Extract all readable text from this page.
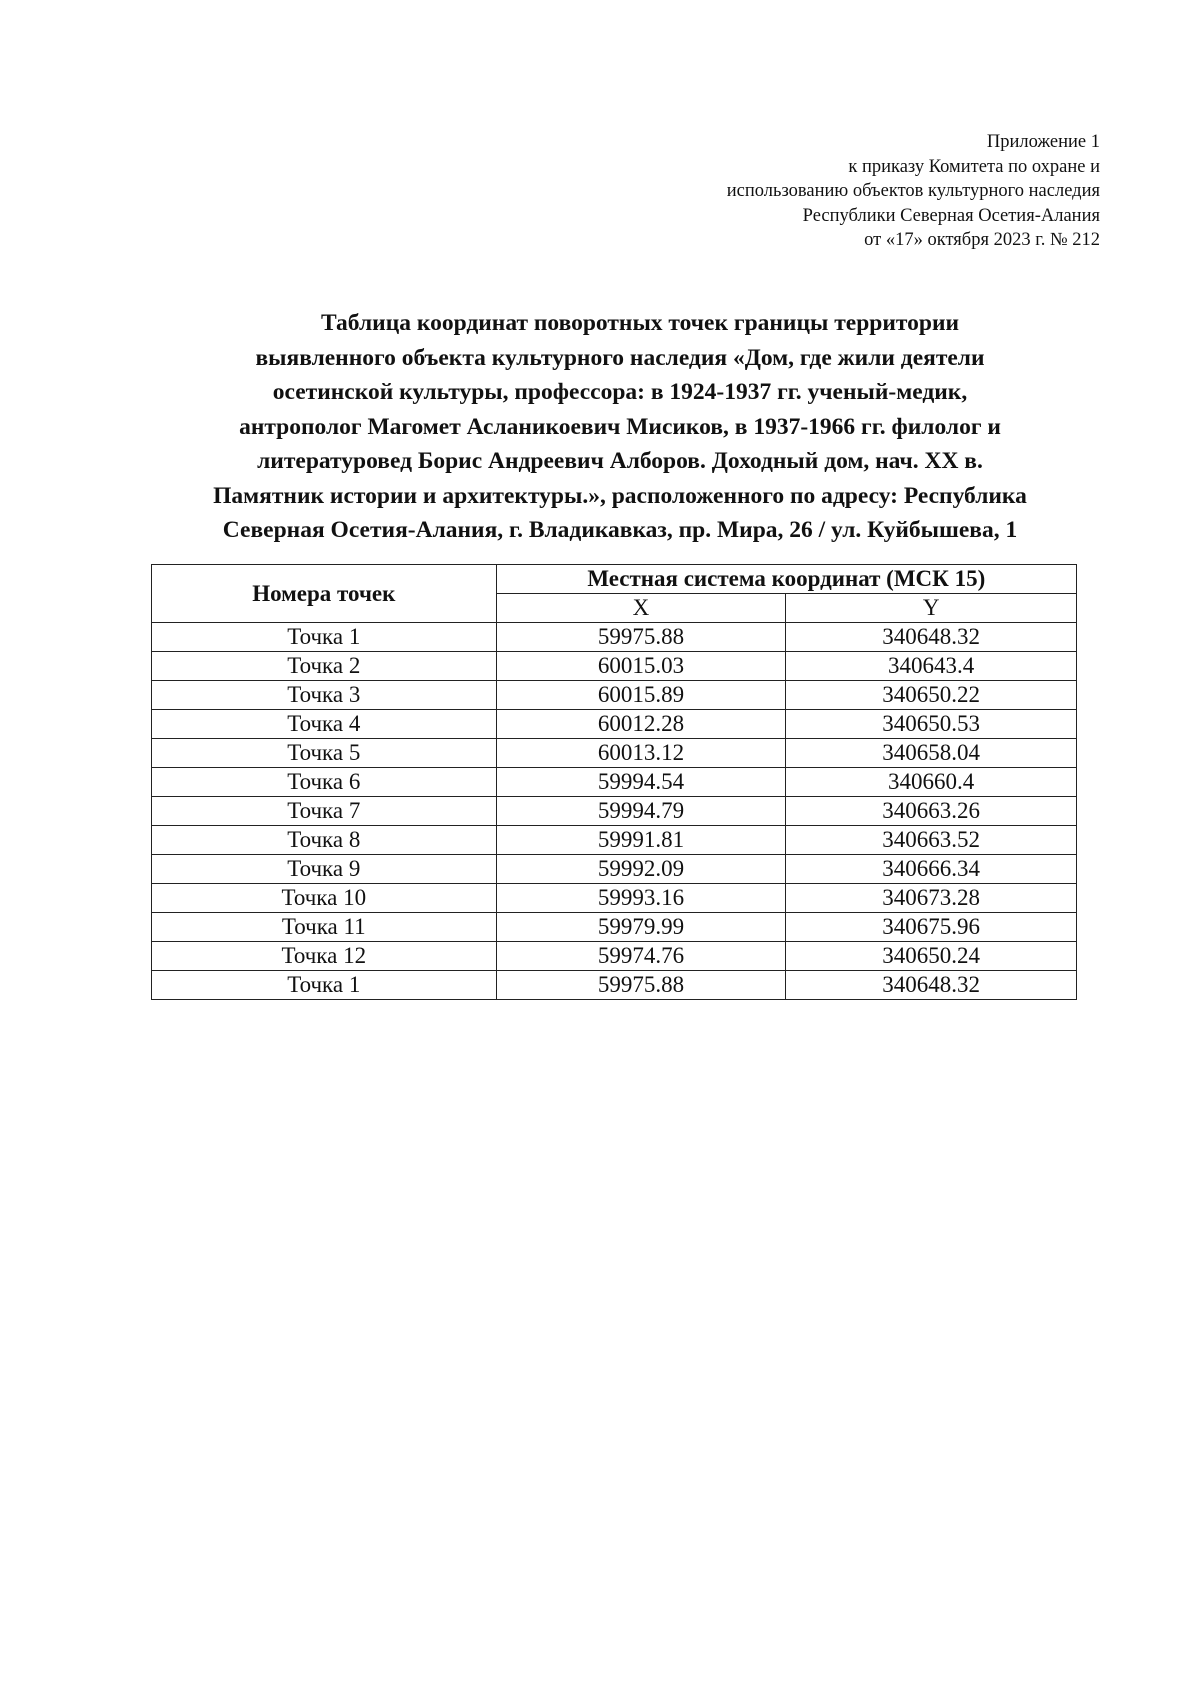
Приложение 1
к приказу Комитета по охране и
использованию объектов культурного наследия
Республики Северная Осетия-Алания
от «17» октября 2023 г. № 212
Таблица координат поворотных точек границы территории
выявленного объекта культурного наследия «Дом, где жили деятели
осетинской культуры, профессора: в 1924-1937 гг. ученый-медик,
антрополог Магомет Асланикоевич Мисиков, в 1937-1966 гг. филолог и
литературовед Борис Андреевич Алборов. Доходный дом, нач. XX в.
Памятник истории и архитектуры.», расположенного по адресу: Республика
Северная Осетия-Алания, г. Владикавказ, пр. Мира, 26 / ул. Куйбышева, 1
Номера точек	Местная система координат (МСК 15)	
	X	Y
Точка 1	59975.88	340648.32
Точка 2	60015.03	340643.4
Точка 3	60015.89	340650.22
Точка 4	60012.28	340650.53
Точка 5	60013.12	340658.04
Точка 6	59994.54	340660.4
Точка 7	59994.79	340663.26
Точка 8	59991.81	340663.52
Точка 9	59992.09	340666.34
Точка 10	59993.16	340673.28
Точка 11	59979.99	340675.96
Точка 12	59974.76	340650.24
Точка 1	59975.88	340648.32
